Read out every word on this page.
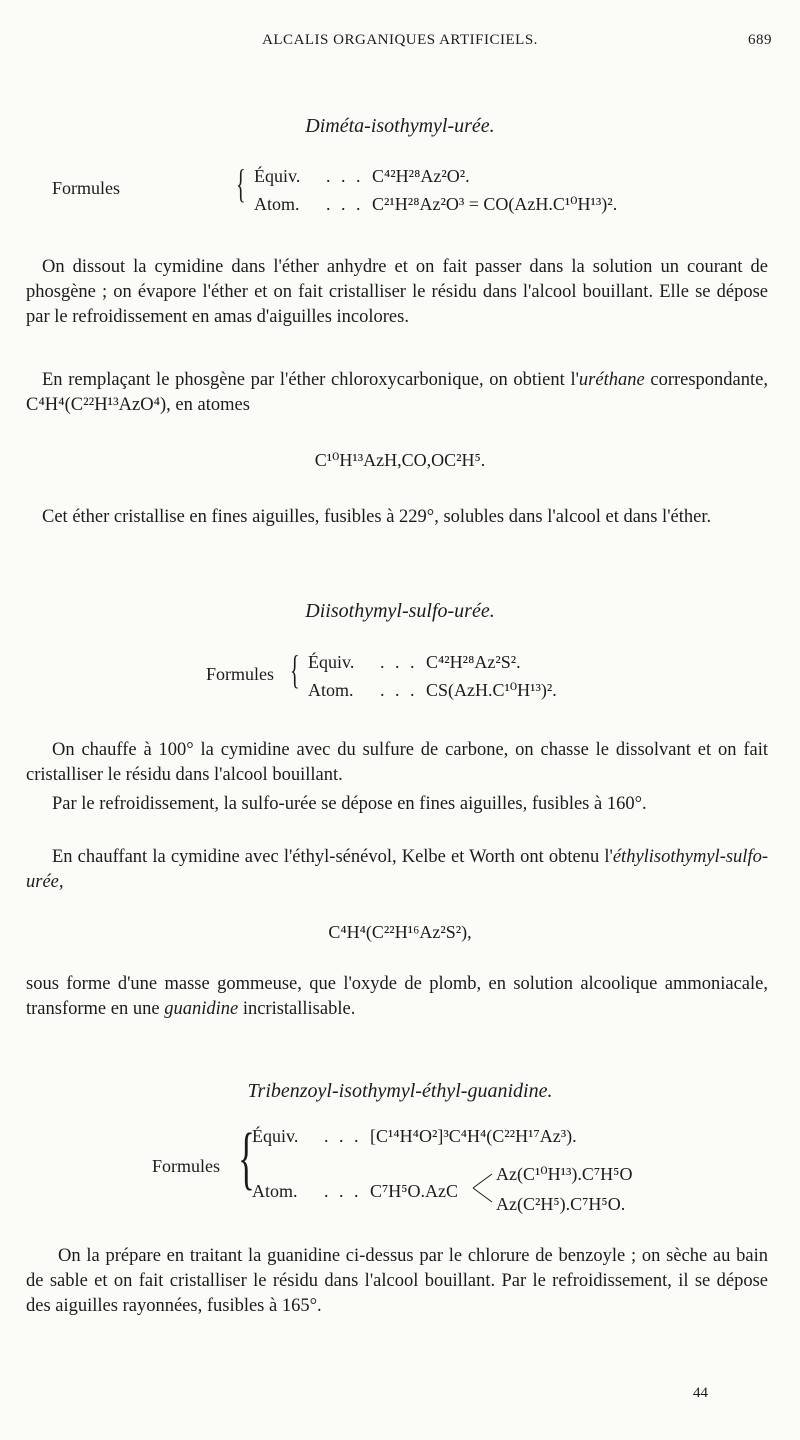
ALCALIS ORGANIQUES ARTIFICIELS.	689
Diméta-isothymyl-urée.
Formules	{ Équiv. . . . C⁴²H²⁸Az²O².
Atom. . . . C²¹H²⁸Az²O³ = CO(AzH.C¹⁰H¹³)².
On dissout la cymidine dans l'éther anhydre et on fait passer dans la solution un courant de phosgène ; on évapore l'éther et on fait cristalliser le résidu dans l'alcool bouillant. Elle se dépose par le refroidissement en amas d'aiguilles incolores.
En remplaçant le phosgène par l'éther chloroxycarbonique, on obtient l'uréthane correspondante, C⁴H⁴(C²²H¹³AzO⁴), en atomes
C¹⁰H¹³AzH,CO,OC²H⁵.
Cet éther cristallise en fines aiguilles, fusibles à 229°, solubles dans l'alcool et dans l'éther.
Diisothymyl-sulfo-urée.
Formules { Équiv. . . . C⁴²H²⁸Az²S².
Atom. . . . CS(AzH.C¹⁰H¹³)².
On chauffe à 100° la cymidine avec du sulfure de carbone, on chasse le dissolvant et on fait cristalliser le résidu dans l'alcool bouillant.
Par le refroidissement, la sulfo-urée se dépose en fines aiguilles, fusibles à 160°.
En chauffant la cymidine avec l'éthyl-sénévol, Kelbe et Worth ont obtenu l'éthylisothymyl-sulfo-urée,
C⁴H⁴(C²²H¹⁶Az²S²),
sous forme d'une masse gommeuse, que l'oxyde de plomb, en solution alcoolique ammoniacale, transforme en une guanidine incristallisable.
Tribenzoyl-isothymyl-éthyl-guanidine.
Formules {
Équiv. . . . [C¹⁴H⁴O²]³C⁴H⁴(C²²H¹⁷Az³).
Atom. . . . C⁷H⁵O.AzC
Az(C¹⁰H¹³).C⁷H⁵O
Az(C²H⁵).C⁷H⁵O.
On la prépare en traitant la guanidine ci-dessus par le chlorure de benzoyle ; on sèche au bain de sable et on fait cristalliser le résidu dans l'alcool bouillant. Par le refroidissement, il se dépose des aiguilles rayonnées, fusibles à 165°.
44
